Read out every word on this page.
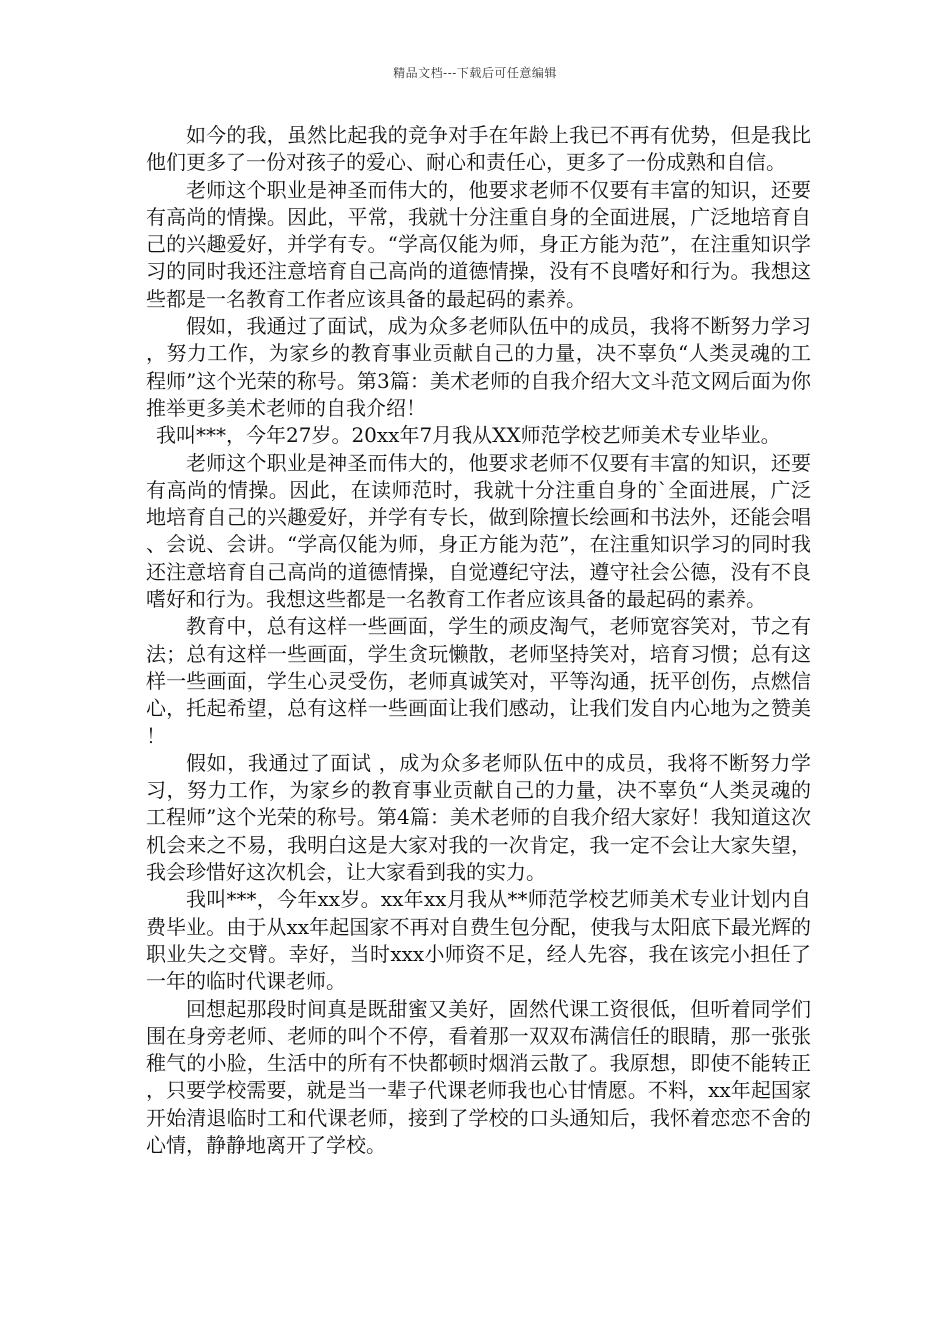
精品文档---下载后可任意编辑

如今的我，虽然比起我的竞争对手在年龄上我已不再有优势，但是我比他们更多了一份对孩子的爱心、耐心和责任心，更多了一份成熟和自信。

老师这个职业是神圣而伟大的，他要求老师不仅要有丰富的知识，还要有高尚的情操。因此，平常，我就十分注重自身的全面进展，广泛地培育自己的兴趣爱好，并学有专。“学高仅能为师，身正方能为范”，在注重知识学习的同时我还注意培育自己高尚的道德情操，没有不良嗜好和行为。我想这些都是一名教育工作者应该具备的最起码的素养。

假如，我通过了面试，成为众多老师队伍中的成员，我将不断努力学习，努力工作，为家乡的教育事业贡献自己的力量，决不辜负“人类灵魂的工程师”这个光荣的称号。第3篇：美术老师的自我介绍大文斗范文网后面为你推举更多美术老师的自我介绍！

我叫***，今年27岁。20xx年7月我从XX师范学校艺师美术专业毕业。

老师这个职业是神圣而伟大的，他要求老师不仅要有丰富的知识，还要有高尚的情操。因此，在读师范时，我就十分注重自身的`全面进展，广泛地培育自己的兴趣爱好，并学有专长，做到除擅长绘画和书法外，还能会唱、会说、会讲。“学高仅能为师，身正方能为范”，在注重知识学习的同时我还注意培育自己高尚的道德情操，自觉遵纪守法，遵守社会公德，没有不良嗜好和行为。我想这些都是一名教育工作者应该具备的最起码的素养。

教育中，总有这样一些画面，学生的顽皮淘气，老师宽容笑对，节之有法；总有这样一些画面，学生贪玩懒散，老师坚持笑对，培育习惯；总有这样一些画面，学生心灵受伤，老师真诚笑对，平等沟通，抚平创伤，点燃信心，托起希望，总有这样一些画面让我们感动，让我们发自内心地为之赞美！

假如，我通过了面试 ，成为众多老师队伍中的成员，我将不断努力学习，努力工作，为家乡的教育事业贡献自己的力量，决不辜负“人类灵魂的工程师”这个光荣的称号。第4篇：美术老师的自我介绍大家好！我知道这次机会来之不易，我明白这是大家对我的一次肯定，我一定不会让大家失望，我会珍惜好这次机会，让大家看到我的实力。

我叫***，今年xx岁。xx年xx月我从**师范学校艺师美术专业计划内自费毕业。由于从xx年起国家不再对自费生包分配，使我与太阳底下最光辉的职业失之交臂。幸好，当时xxx小师资不足，经人先容，我在该完小担任了一年的临时代课老师。

回想起那段时间真是既甜蜜又美好，固然代课工资很低，但听着同学们围在身旁老师、老师的叫个不停，看着那一双双布满信任的眼睛，那一张张稚气的小脸，生活中的所有不快都顿时烟消云散了。我原想，即使不能转正，只要学校需要，就是当一辈子代课老师我也心甘情愿。不料，xx年起国家开始清退临时工和代课老师，接到了学校的口头通知后，我怀着恋恋不舍的心情，静静地离开了学校。
